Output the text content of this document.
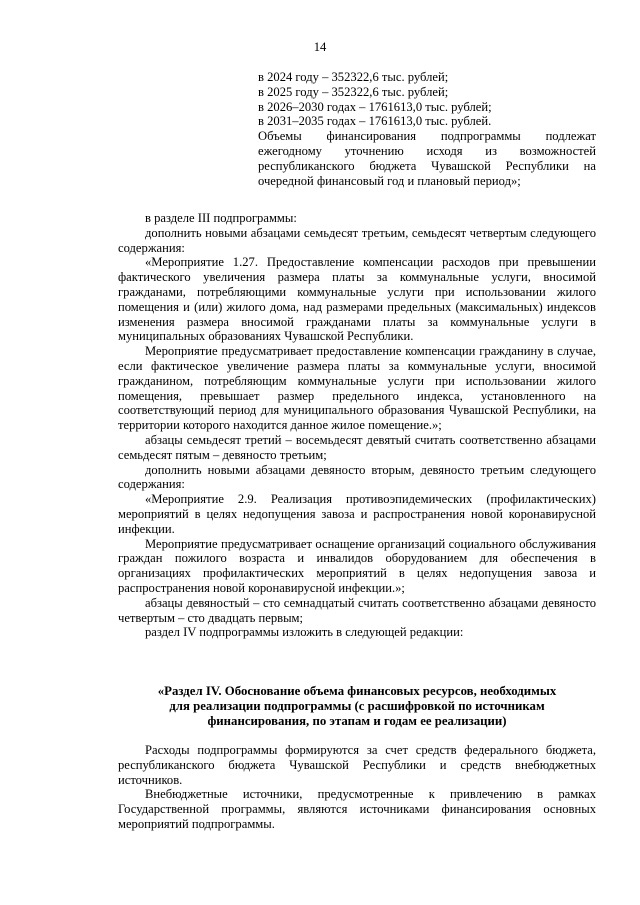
14

в 2024 году – 352322,6 тыс. рублей;

в 2025 году – 352322,6 тыс. рублей;

в 2026–2030 годах – 1761613,0 тыс. рублей;

в 2031–2035 годах – 1761613,0 тыс. рублей.

Объемы финансирования подпрограммы подлежат ежегодному уточнению исходя из возможностей республиканского бюджета Чувашской Республики на очередной финансовый год и плановый период»;

в разделе III подпрограммы:

дополнить новыми абзацами семьдесят третьим, семьдесят четвертым следующего содержания:

«Мероприятие 1.27. Предоставление компенсации расходов при превышении фактического увеличения размера платы за коммунальные услуги, вносимой гражданами, потребляющими коммунальные услуги при использовании жилого помещения и (или) жилого дома, над размерами предельных (максимальных) индексов изменения размера вносимой гражданами платы за коммунальные услуги в муниципальных образованиях Чувашской Республики.

Мероприятие предусматривает предоставление компенсации гражданину в случае, если фактическое увеличение размера платы за коммунальные услуги, вносимой гражданином, потребляющим коммунальные услуги при использовании жилого помещения, превышает размер предельного индекса, установленного на соответствующий период для муниципального образования Чувашской Республики, на территории которого находится данное жилое помещение.»;

абзацы семьдесят третий – восемьдесят девятый считать соответственно абзацами семьдесят пятым – девяносто третьим;

дополнить новыми абзацами девяносто вторым, девяносто третьим следующего содержания:

«Мероприятие 2.9. Реализация противоэпидемических (профилактических) мероприятий в целях недопущения завоза и распространения новой коронавирусной инфекции.

Мероприятие предусматривает оснащение организаций социального обслуживания граждан пожилого возраста и инвалидов оборудованием для обеспечения в организациях профилактических мероприятий в целях недопущения завоза и распространения новой коронавирусной инфекции.»;

абзацы девяностый – сто семнадцатый считать соответственно абзацами девяносто четвертым – сто двадцать первым;

раздел IV подпрограммы изложить в следующей редакции:

«Раздел IV. Обоснование объема финансовых ресурсов, необходимых
для реализации подпрограммы (с расшифровкой по источникам
финансирования, по этапам и годам ее реализации)

Расходы подпрограммы формируются за счет средств федерального бюджета, республиканского бюджета Чувашской Республики и средств внебюджетных источников.

Внебюджетные источники, предусмотренные к привлечению в рамках Государственной программы, являются источниками финансирования основных мероприятий подпрограммы.
